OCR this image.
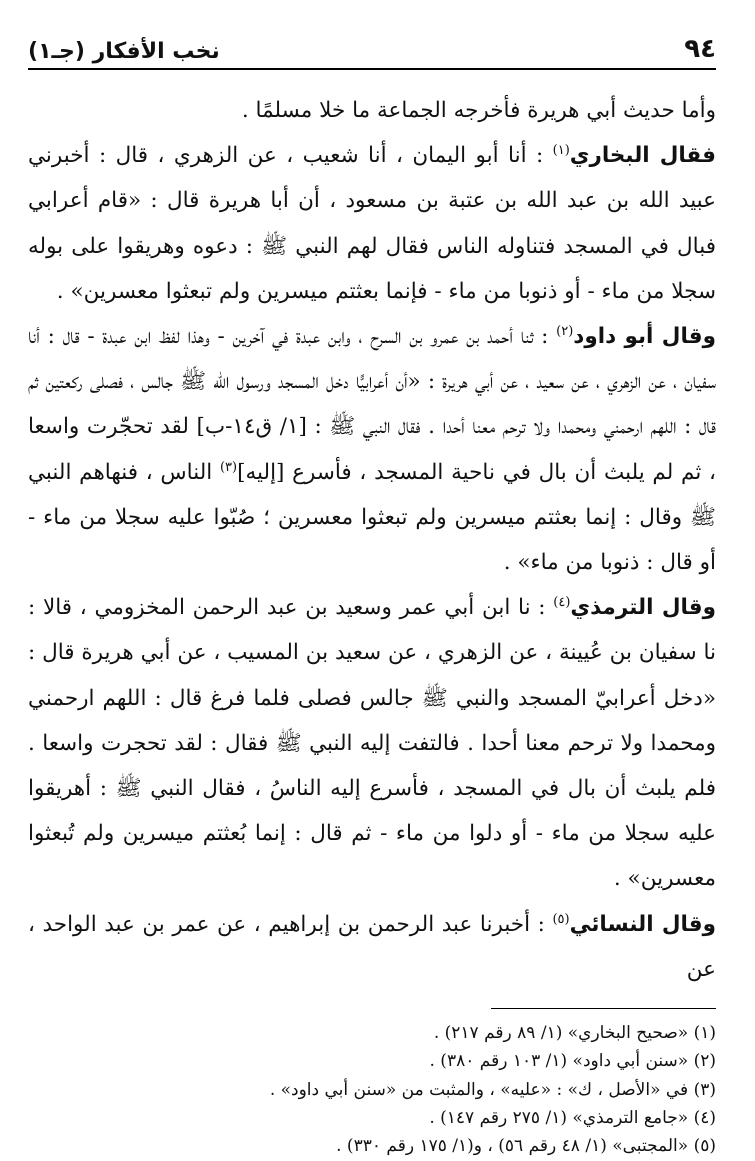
٩٤
نخب الأفكار (جـ١)

وأما حديث أبي هريرة فأخرجه الجماعة ما خلا مسلمًا .

فقال البخاري$^{(١)}$ : أنا أبو اليمان ، أنا شعيب ، عن الزهري ، قال : أخبرني عبيد الله بن عبد الله بن عتبة بن مسعود ، أن أبا هريرة قال : «قام أعرابي فبال في المسجد فتناوله الناس فقال لهم النبي ﷺ : دعوه وهريقوا على بوله سجلا من ماء - أو ذنوبا من ماء - فإنما بعثتم ميسرين ولم تبعثوا معسرين» .

وقال أبو داود$^{(٢)}$ : ثنا أحمد بن عمرو بن السرح ، وابن عبدة في آخرين - وهذا لفظ ابن عبدة - قال : أنا سفيان ، عن الزهري ، عن سعيد ، عن أبي هريرة : «أن أعرابيًّا دخل المسجد ورسول الله ﷺ جالس ، فصلى ركعتين ثم قال : اللهم ارحمني ومحمدا ولا ترحم معنا أحدا . فقال النبي ﷺ : [١/ ق١٤-ب] لقد تحجّرت واسعا ، ثم لم يلبث أن بال في ناحية المسجد ، فأسرع [إليه]$^{(٣)}$ الناس ، فنهاهم النبي ﷺ وقال : إنما بعثتم ميسرين ولم تبعثوا معسرين ؛ صُبّوا عليه سجلا من ماء - أو قال : ذنوبا من ماء» .

وقال الترمذي$^{(٤)}$ : نا ابن أبي عمر وسعيد بن عبد الرحمن المخزومي ، قالا : نا سفيان بن عُيينة ، عن الزهري ، عن سعيد بن المسيب ، عن أبي هريرة قال : «دخل أعرابيّ المسجد والنبي ﷺ جالس فصلى فلما فرغ قال : اللهم ارحمني ومحمدا ولا ترحم معنا أحدا . فالتفت إليه النبي ﷺ فقال : لقد تحجرت واسعا . فلم يلبث أن بال في المسجد ، فأسرع إليه الناسُ ، فقال النبي ﷺ : أهريقوا عليه سجلا من ماء - أو دلوا من ماء - ثم قال : إنما بُعثتم ميسرين ولم تُبعثوا معسرين» .

وقال النسائي$^{(٥)}$ : أخبرنا عبد الرحمن بن إبراهيم ، عن عمر بن عبد الواحد ، عن

(١) «صحيح البخاري» (١/ ٨٩ رقم ٢١٧) .

(٢) «سنن أبي داود» (١/ ١٠٣ رقم ٣٨٠) .

(٣) في «الأصل ، ك» : «عليه» ، والمثبت من «سنن أبي داود» .

(٤) «جامع الترمذي» (١/ ٢٧٥ رقم ١٤٧) .

(٥) «المجتبى» (١/ ٤٨ رقم ٥٦) ، و(١/ ١٧٥ رقم ٣٣٠) .
